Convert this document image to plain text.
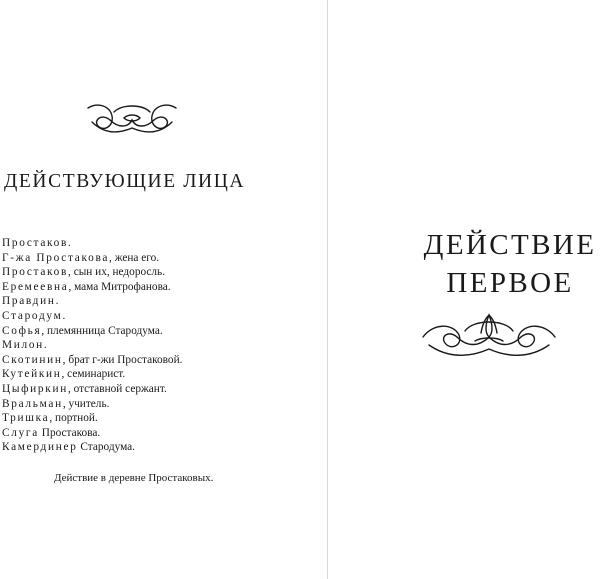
ДЕЙСТВУЮЩИЕ ЛИЦА
Простаков.
Г-жа Простакова, жена его.
Простаков, сын их, недоросль.
Еремеевна, мама Митрофанова.
Правдин.
Стародум.
Софья, племянница Стародума.
Милон.
Скотинин, брат г-жи Простаковой.
Кутейкин, семинарист.
Цыфиркин, отставной сержант.
Вральман, учитель.
Тришка, портной.
Слуга Простакова.
Камердинер Стародума.

Действие в деревне Простаковых.

ДЕЙСТВИЕ
ПЕРВОЕ
